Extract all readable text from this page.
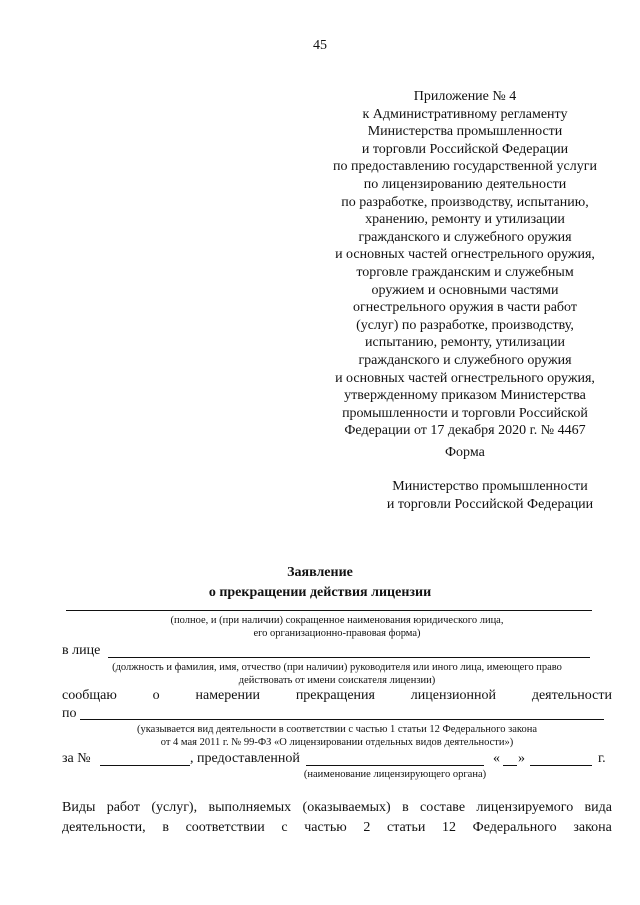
45
Приложение № 4
к Административному регламенту
Министерства промышленности
и торговли Российской Федерации
по предоставлению государственной услуги
по лицензированию деятельности
по разработке, производству, испытанию,
хранению, ремонту и утилизации
гражданского и служебного оружия
и основных частей огнестрельного оружия,
торговле гражданским и служебным
оружием и основными частями
огнестрельного оружия в части работ
(услуг) по разработке, производству,
испытанию, ремонту, утилизации
гражданского и служебного оружия
и основных частей огнестрельного оружия,
утвержденному приказом Министерства
промышленности и торговли Российской
Федерации от 17 декабря 2020 г. № 4467
Форма
Министерство промышленности
и торговли Российской Федерации
Заявление
о прекращении действия лицензии
(полное, и (при наличии) сокращенное наименования юридического лица,
его организационно-правовая форма)
в лице
(должность и фамилия, имя, отчество (при наличии) руководителя или иного лица, имеющего право
действовать от имени соискателя лицензии)
сообщаю	о	намерении	прекращения	лицензионной	деятельности
по
(указывается вид деятельности в соответствии с частью 1 статьи 12 Федерального закона
от 4 мая 2011 г. № 99-ФЗ «О лицензировании отдельных видов деятельности»)
за №	, предоставленной	« »	г.
(наименование лицензирующего органа)
Виды работ (услуг), выполняемых (оказываемых) в составе лицензируемого вида
деятельности, в соответствии с частью 2 статьи 12 Федерального закона
